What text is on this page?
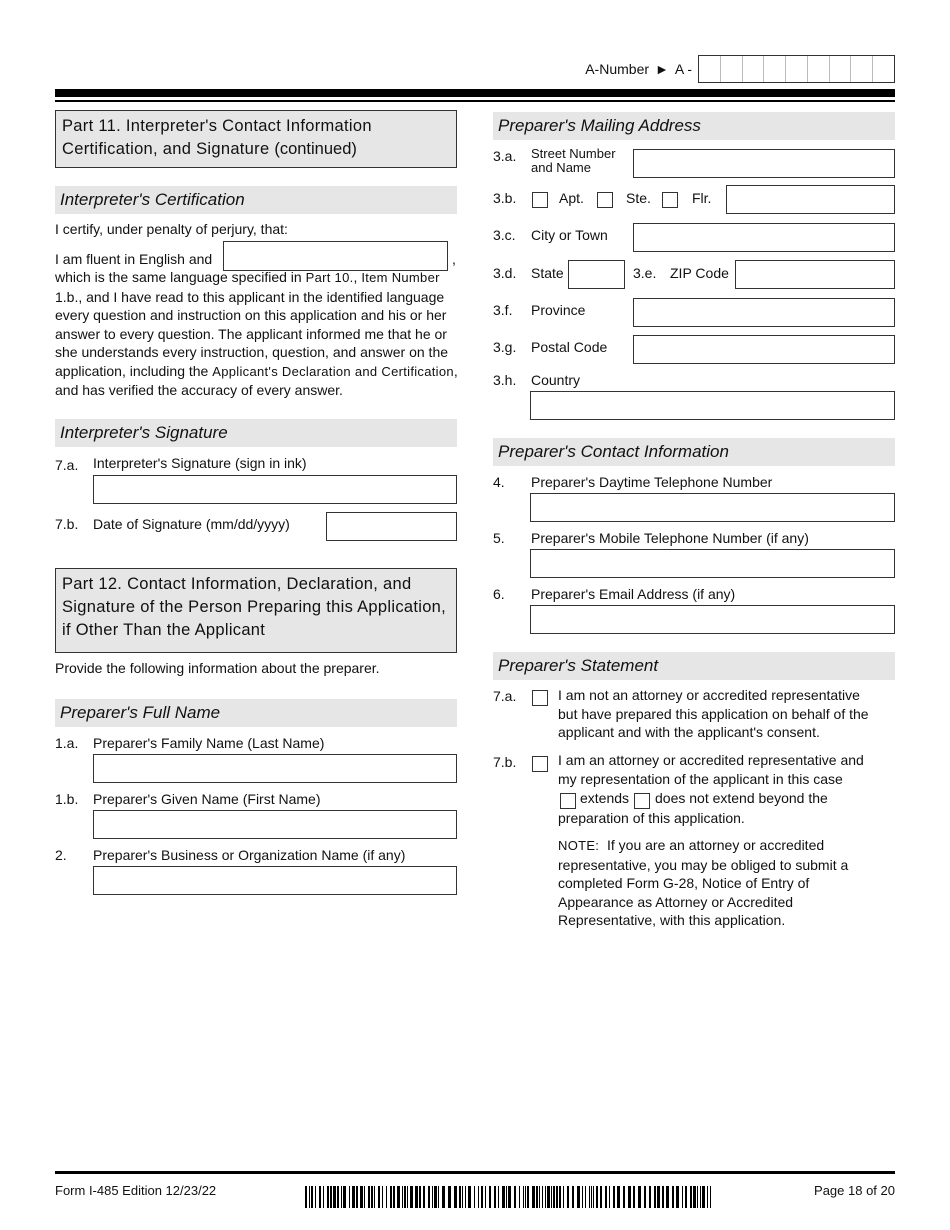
A-Number ► A -
Part 11. Interpreter's Contact Information Certification, and Signature (continued)
Interpreter's Certification
I certify, under penalty of perjury, that:
I am fluent in English and	,
which is the same language specified in Part 10., Item Number 1.b., and I have read to this applicant in the identified language every question and instruction on this application and his or her answer to every question. The applicant informed me that he or she understands every instruction, question, and answer on the application, including the Applicant's Declaration and Certification, and has verified the accuracy of every answer.
Interpreter's Signature
7.a. Interpreter's Signature (sign in ink)
7.b. Date of Signature (mm/dd/yyyy)
Part 12. Contact Information, Declaration, and Signature of the Person Preparing this Application, if Other Than the Applicant
Provide the following information about the preparer.
Preparer's Full Name
1.a. Preparer's Family Name (Last Name)
1.b. Preparer's Given Name (First Name)
2. Preparer's Business or Organization Name (if any)
Preparer's Mailing Address
3.a. Street Number
and Name
3.b.	Apt.	Ste.	Flr.
3.c. City or Town
3.d. State	3.e. ZIP Code
3.f. Province
3.g. Postal Code
3.h. Country
Preparer's Contact Information
4. Preparer's Daytime Telephone Number
5. Preparer's Mobile Telephone Number (if any)
6. Preparer's Email Address (if any)
Preparer's Statement
7.a.	I am not an attorney or accredited representative but have prepared this application on behalf of the applicant and with the applicant's consent.
7.b.	I am an attorney or accredited representative and my representation of the applicant in this case
extends does not extend beyond the
preparation of this application.
NOTE: If you are an attorney or accredited representative, you may be obliged to submit a completed Form G-28, Notice of Entry of Appearance as Attorney or Accredited Representative, with this application.
Form I-485 Edition 12/23/22	Page 18 of 20
